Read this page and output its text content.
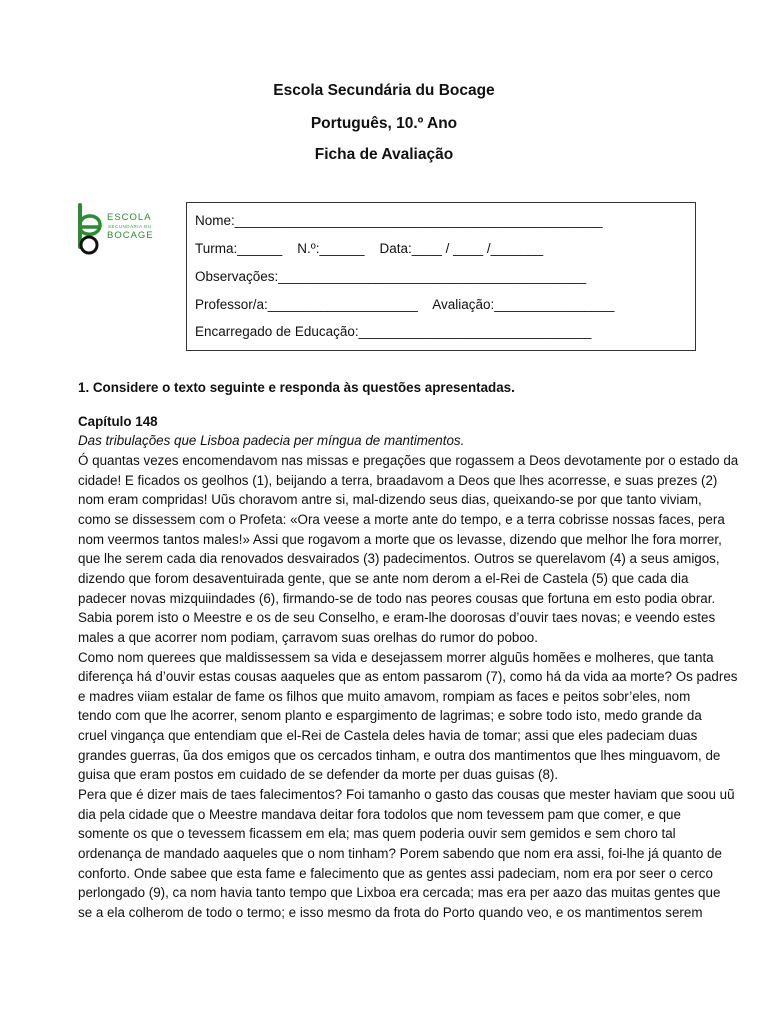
Escola Secundária du Bocage
Português, 10.º Ano
Ficha de Avaliação
ESCOLA
SECUNDÁRIA DU
BOCAGE
Nome:_________________________________________________
Turma:______    N.º:______    Data:____ / ____ /_______
Observações:_________________________________________
Professor/a:____________________    Avaliação:________________
Encarregado de Educação:_______________________________
1. Considere o texto seguinte e responda às questões apresentadas.
Capítulo 148
Das tribulações que Lisboa padecia per míngua de mantimentos.
Ó quantas vezes encomendavom nas missas e pregações que rogassem a Deos devotamente por o estado da
cidade! E ficados os geolhos (1), beijando a terra, braadavom a Deos que lhes acorresse, e suas prezes (2)
nom eram compridas! Uũs choravom antre si, mal-dizendo seus dias, queixando-se por que tanto viviam,
como se dissessem com o Profeta: «Ora veese a morte ante do tempo, e a terra cobrisse nossas faces, pera
nom veermos tantos males!» Assi que rogavom a morte que os levasse, dizendo que melhor lhe fora morrer,
que lhe serem cada dia renovados desvairados (3) padecimentos. Outros se querelavom (4) a seus amigos,
dizendo que forom desaventuirada gente, que se ante nom derom a el-Rei de Castela (5) que cada dia
padecer novas mizquiindades (6), firmando-se de todo nas peores cousas que fortuna em esto podia obrar.
Sabia porem isto o Meestre e os de seu Conselho, e eram-lhe doorosas d’ouvir taes novas; e veendo estes
males a que acorrer nom podiam, çarravom suas orelhas do rumor do poboo.
Como nom querees que maldissessem sa vida e desejassem morrer alguũs homẽes e molheres, que tanta
diferença há d’ouvir estas cousas aaqueles que as entom passarom (7), como há da vida aa morte? Os padres
e madres viiam estalar de fame os filhos que muito amavom, rompiam as faces e peitos sobr’eles, nom
tendo com que lhe acorrer, senom planto e espargimento de lagrimas; e sobre todo isto, medo grande da
cruel vingança que entendiam que el-Rei de Castela deles havia de tomar; assi que eles padeciam duas
grandes guerras, ũa dos emigos que os cercados tinham, e outra dos mantimentos que lhes minguavom, de
guisa que eram postos em cuidado de se defender da morte per duas guisas (8).
Pera que é dizer mais de taes falecimentos? Foi tamanho o gasto das cousas que mester haviam que soou uũ
dia pela cidade que o Meestre mandava deitar fora todolos que nom tevessem pam que comer, e que
somente os que o tevessem ficassem em ela; mas quem poderia ouvir sem gemidos e sem choro tal
ordenança de mandado aaqueles que o nom tinham? Porem sabendo que nom era assi, foi-lhe já quanto de
conforto. Onde sabee que esta fame e falecimento que as gentes assi padeciam, nom era por seer o cerco
perlongado (9), ca nom havia tanto tempo que Lixboa era cercada; mas era per aazo das muitas gentes que
se a ela colherom de todo o termo; e isso mesmo da frota do Porto quando veo, e os mantimentos serem
